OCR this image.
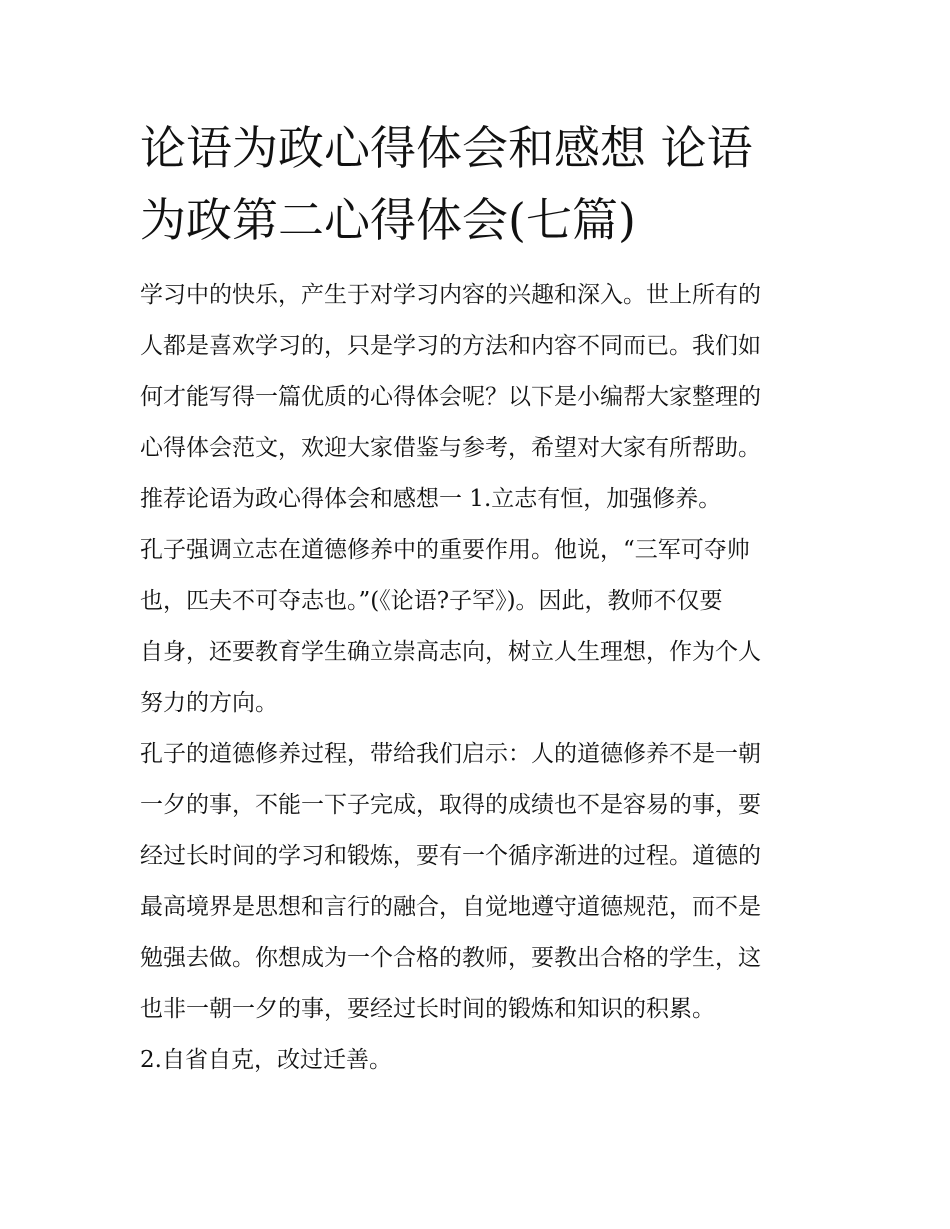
论语为政心得体会和感想 论语
为政第二心得体会(七篇)

学习中的快乐，产生于对学习内容的兴趣和深入。世上所有的
人都是喜欢学习的，只是学习的方法和内容不同而已。我们如
何才能写得一篇优质的心得体会呢？以下是小编帮大家整理的
心得体会范文，欢迎大家借鉴与参考，希望对大家有所帮助。

推荐论语为政心得体会和感想一 1.立志有恒，加强修养。

孔子强调立志在道德修养中的重要作用。他说，“三军可夺帅
也，匹夫不可夺志也。”(《论语?子罕》)。因此，教师不仅要
自身，还要教育学生确立崇高志向，树立人生理想，作为个人
努力的方向。

孔子的道德修养过程，带给我们启示：人的道德修养不是一朝
一夕的事，不能一下子完成，取得的成绩也不是容易的事，要
经过长时间的学习和锻炼，要有一个循序渐进的过程。道德的
最高境界是思想和言行的融合，自觉地遵守道德规范，而不是
勉强去做。你想成为一个合格的教师，要教出合格的学生，这
也非一朝一夕的事，要经过长时间的锻炼和知识的积累。

2.自省自克，改过迁善。
